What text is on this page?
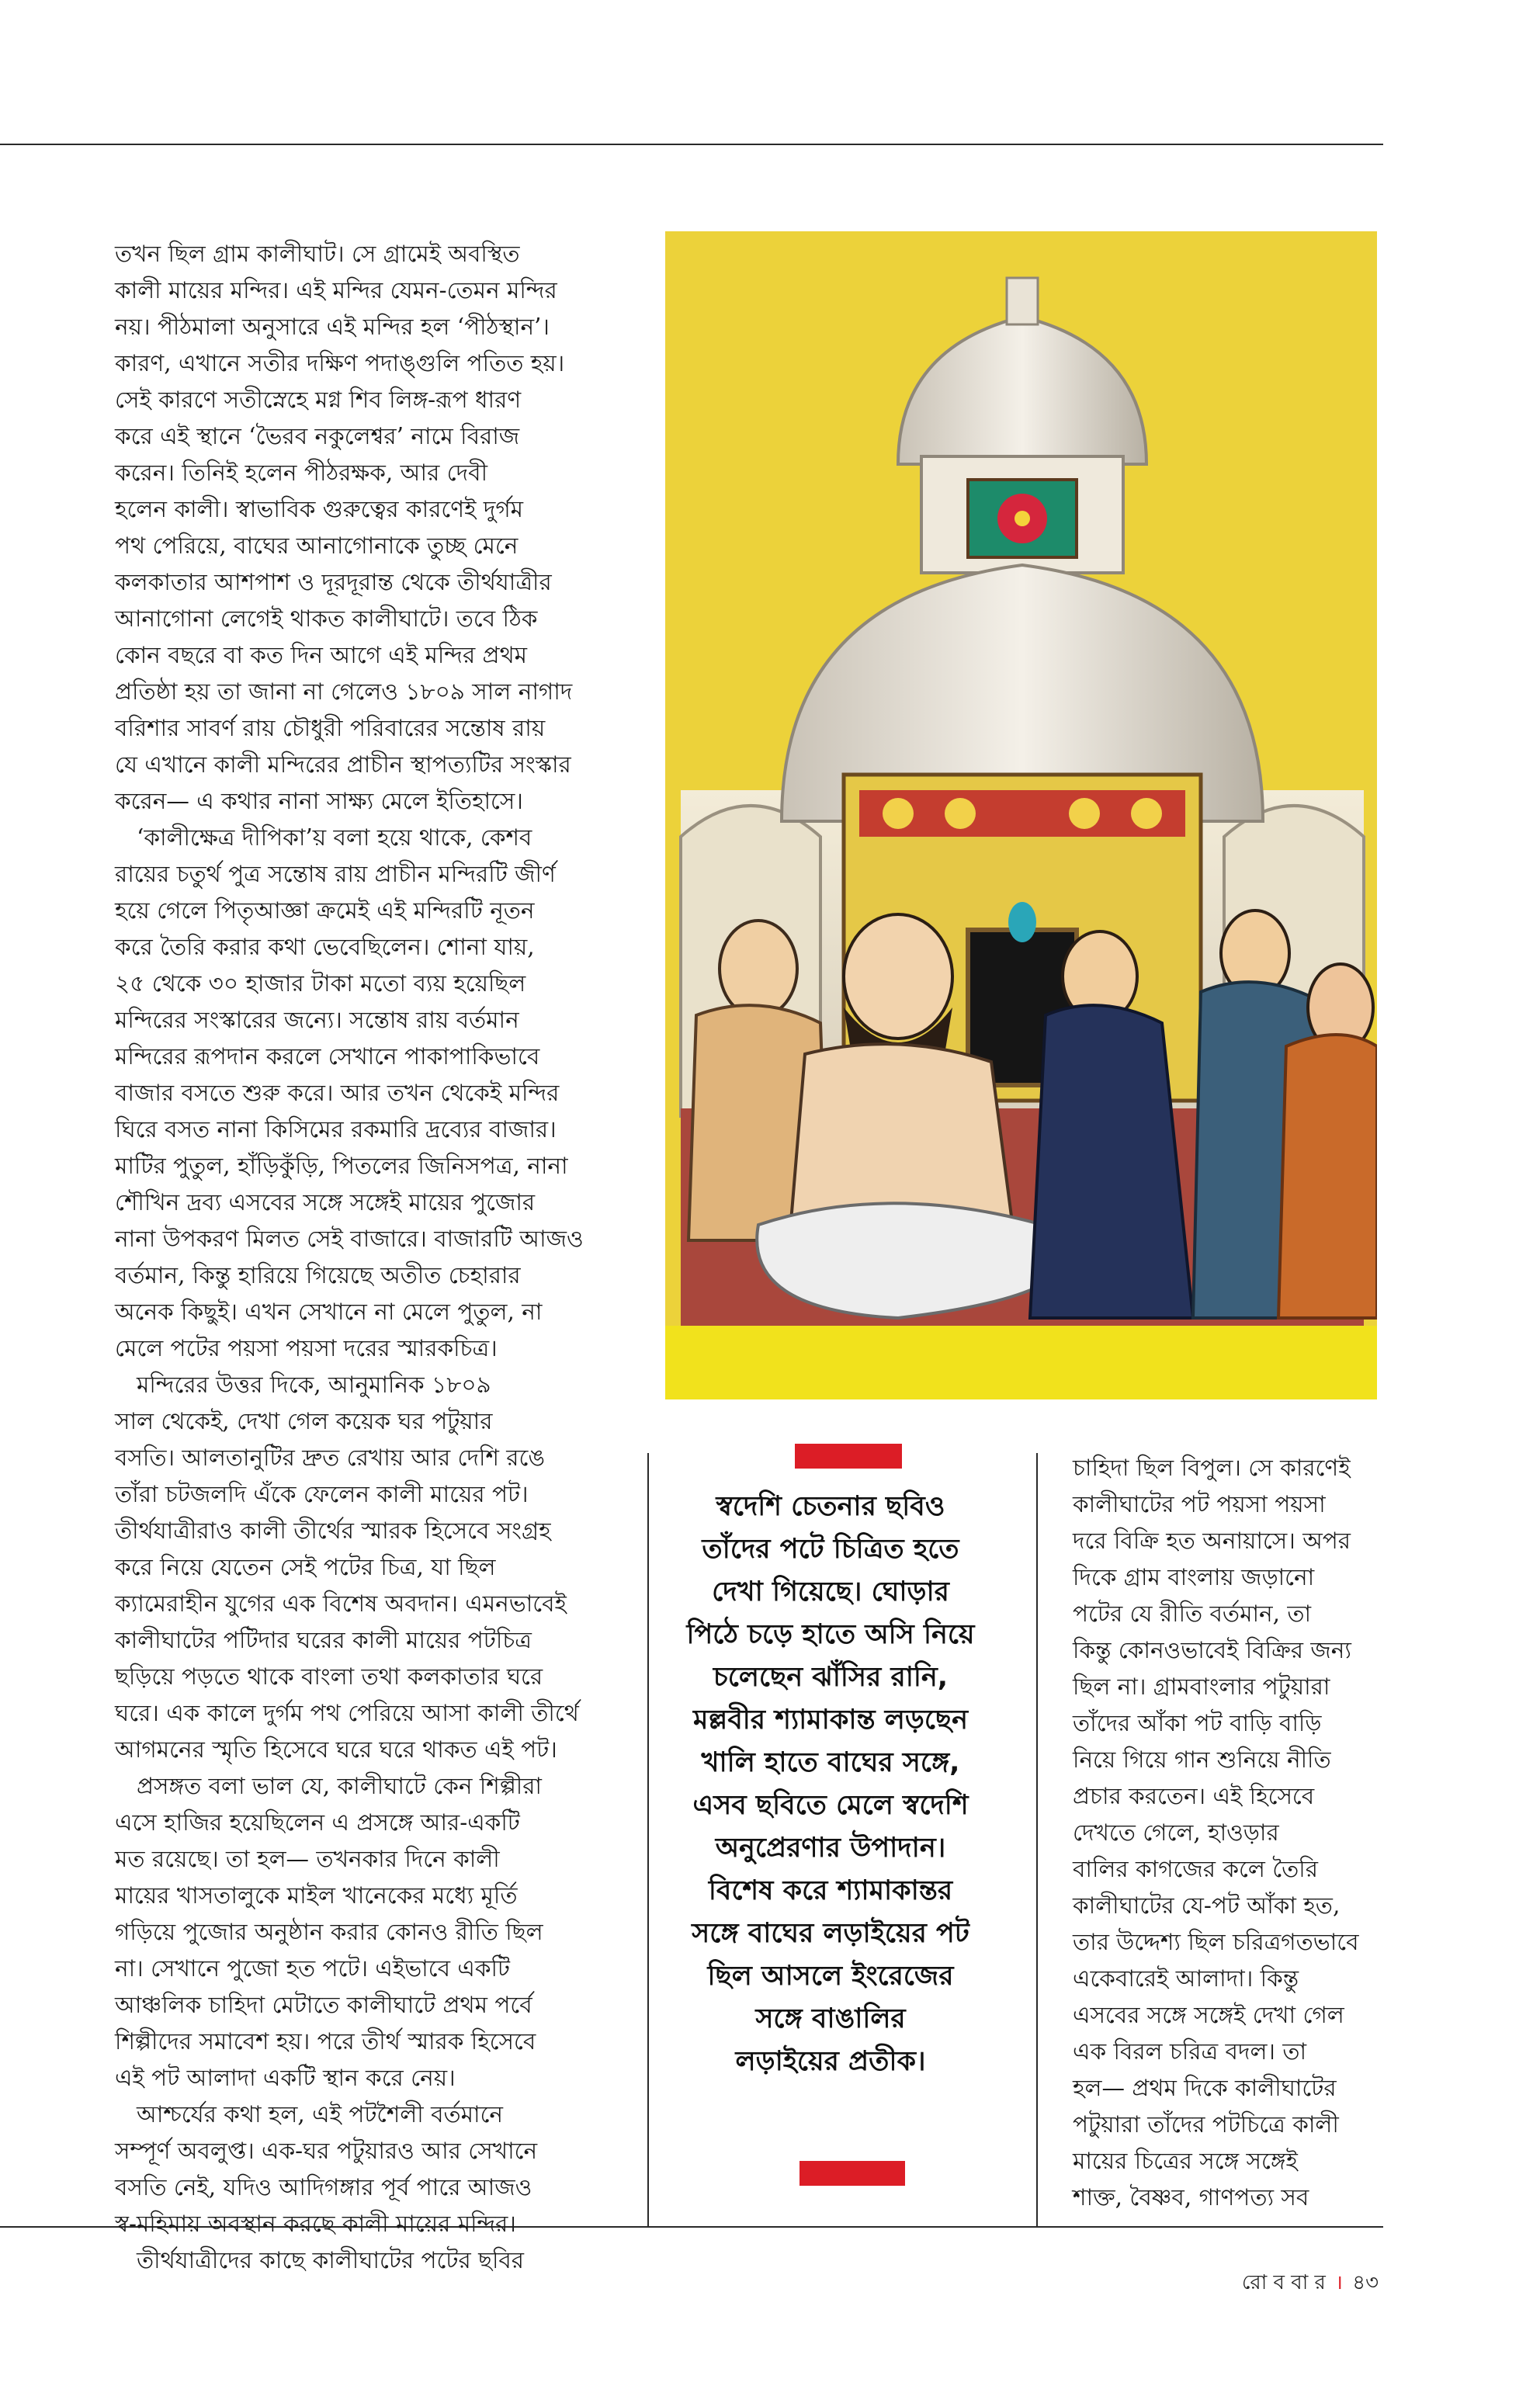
তখন ছিল গ্রাম কালীঘাট। সে গ্রামেই অবস্থিত
কালী মায়ের মন্দির। এই মন্দির যেমন-তেমন মন্দির
নয়। পীঠমালা অনুসারে এই মন্দির হল ‘পীঠস্থান’।
কারণ, এখানে সতীর দক্ষিণ পদাঙ্গুলি পতিত হয়।
সেই কারণে সতীস্নেহে মগ্ন শিব লিঙ্গ-রূপ ধারণ
করে এই স্থানে ‘ভৈরব নকুলেশ্বর’ নামে বিরাজ
করেন। তিনিই হলেন পীঠরক্ষক, আর দেবী
হলেন কালী। স্বাভাবিক গুরুত্বের কারণেই দুর্গম
পথ পেরিয়ে, বাঘের আনাগোনাকে তুচ্ছ মেনে
কলকাতার আশপাশ ও দূরদূরান্ত থেকে তীর্থযাত্রীর
আনাগোনা লেগেই থাকত কালীঘাটে। তবে ঠিক
কোন বছরে বা কত দিন আগে এই মন্দির প্রথম
প্রতিষ্ঠা হয় তা জানা না গেলেও ১৮০৯ সাল নাগাদ
বরিশার সাবর্ণ রায় চৌধুরী পরিবারের সন্তোষ রায়
যে এখানে কালী মন্দিরের প্রাচীন স্থাপত্যটির সংস্কার
করেন— এ কথার নানা সাক্ষ্য মেলে ইতিহাসে।

‘কালীক্ষেত্র দীপিকা’য় বলা হয়ে থাকে, কেশব
রায়ের চতুর্থ পুত্র সন্তোষ রায় প্রাচীন মন্দিরটি জীর্ণ
হয়ে গেলে পিতৃআজ্ঞা ক্রমেই এই মন্দিরটি নূতন
করে তৈরি করার কথা ভেবেছিলেন। শোনা যায়,
২৫ থেকে ৩০ হাজার টাকা মতো ব্যয় হয়েছিল
মন্দিরের সংস্কারের জন্যে। সন্তোষ রায় বর্তমান
মন্দিরের রূপদান করলে সেখানে পাকাপাকিভাবে
বাজার বসতে শুরু করে। আর তখন থেকেই মন্দির
ঘিরে বসত নানা কিসিমের রকমারি দ্রব্যের বাজার।
মাটির পুতুল, হাঁড়িকুঁড়ি, পিতলের জিনিসপত্র, নানা
শৌখিন দ্রব্য এসবের সঙ্গে সঙ্গেই মায়ের পুজোর
নানা উপকরণ মিলত সেই বাজারে। বাজারটি আজও
বর্তমান, কিন্তু হারিয়ে গিয়েছে অতীত চেহারার
অনেক কিছুই। এখন সেখানে না মেলে পুতুল, না
মেলে পটের পয়সা পয়সা দরের স্মারকচিত্র।

মন্দিরের উত্তর দিকে, আনুমানিক ১৮০৯
সাল থেকেই, দেখা গেল কয়েক ঘর পটুয়ার
বসতি। আলতানুটির দ্রুত রেখায় আর দেশি রঙে
তাঁরা চটজলদি এঁকে ফেলেন কালী মায়ের পট।
তীর্থযাত্রীরাও কালী তীর্থের স্মারক হিসেবে সংগ্রহ
করে নিয়ে যেতেন সেই পটের চিত্র, যা ছিল
ক্যামেরাহীন যুগের এক বিশেষ অবদান। এমনভাবেই
কালীঘাটের পটিদার ঘরের কালী মায়ের পটচিত্র
ছড়িয়ে পড়তে থাকে বাংলা তথা কলকাতার ঘরে
ঘরে। এক কালে দুর্গম পথ পেরিয়ে আসা কালী তীর্থে
আগমনের স্মৃতি হিসেবে ঘরে ঘরে থাকত এই পট।

প্রসঙ্গত বলা ভাল যে, কালীঘাটে কেন শিল্পীরা
এসে হাজির হয়েছিলেন এ প্রসঙ্গে আর-একটি
মত রয়েছে। তা হল— তখনকার দিনে কালী
মায়ের খাসতালুকে মাইল খানেকের মধ্যে মূর্তি
গড়িয়ে পুজোর অনুষ্ঠান করার কোনও রীতি ছিল
না। সেখানে পুজো হত পটে। এইভাবে একটি
আঞ্চলিক চাহিদা মেটাতে কালীঘাটে প্রথম পর্বে
শিল্পীদের সমাবেশ হয়। পরে তীর্থ স্মারক হিসেবে
এই পট আলাদা একটি স্থান করে নেয়।

আশ্চর্যের কথা হল, এই পটশৈলী বর্তমানে
সম্পূর্ণ অবলুপ্ত। এক-ঘর পটুয়ারও আর সেখানে
বসতি নেই, যদিও আদিগঙ্গার পূর্ব পারে আজও
স্ব-মহিমায় অবস্থান করছে কালী মায়ের মন্দির।

তীর্থযাত্রীদের কাছে কালীঘাটের পটের ছবির

স্বদেশি চেতনার ছবিও
তাঁদের পটে চিত্রিত হতে
দেখা গিয়েছে। ঘোড়ার
পিঠে চড়ে হাতে অসি নিয়ে
চলেছেন ঝাঁসির রানি,
মল্লবীর শ্যামাকান্ত লড়ছেন
খালি হাতে বাঘের সঙ্গে,
এসব ছবিতে মেলে স্বদেশি
অনুপ্রেরণার উপাদান।
বিশেষ করে শ্যামাকান্তর
সঙ্গে বাঘের লড়াইয়ের পট
ছিল আসলে ইংরেজের
সঙ্গে বাঙালির
লড়াইয়ের প্রতীক।
চাহিদা ছিল বিপুল। সে কারণেই
কালীঘাটের পট পয়সা পয়সা
দরে বিক্রি হত অনায়াসে। অপর
দিকে গ্রাম বাংলায় জড়ানো
পটের যে রীতি বর্তমান, তা
কিন্তু কোনওভাবেই বিক্রির জন্য
ছিল না। গ্রামবাংলার পটুয়ারা
তাঁদের আঁকা পট বাড়ি বাড়ি
নিয়ে গিয়ে গান শুনিয়ে নীতি
প্রচার করতেন। এই হিসেবে
দেখতে গেলে, হাওড়ার
বালির কাগজের কলে তৈরি
কালীঘাটের যে-পট আঁকা হত,
তার উদ্দেশ্য ছিল চরিত্রগতভাবে
একেবারেই আলাদা। কিন্তু
এসবের সঙ্গে সঙ্গেই দেখা গেল
এক বিরল চরিত্র বদল। তা
হল— প্রথম দিকে কালীঘাটের
পটুয়ারা তাঁদের পটচিত্রে কালী
মায়ের চিত্রের সঙ্গে সঙ্গেই
শাক্ত, বৈষ্ণব, গাণপত্য সব
রো ব বা র । ৪৩
